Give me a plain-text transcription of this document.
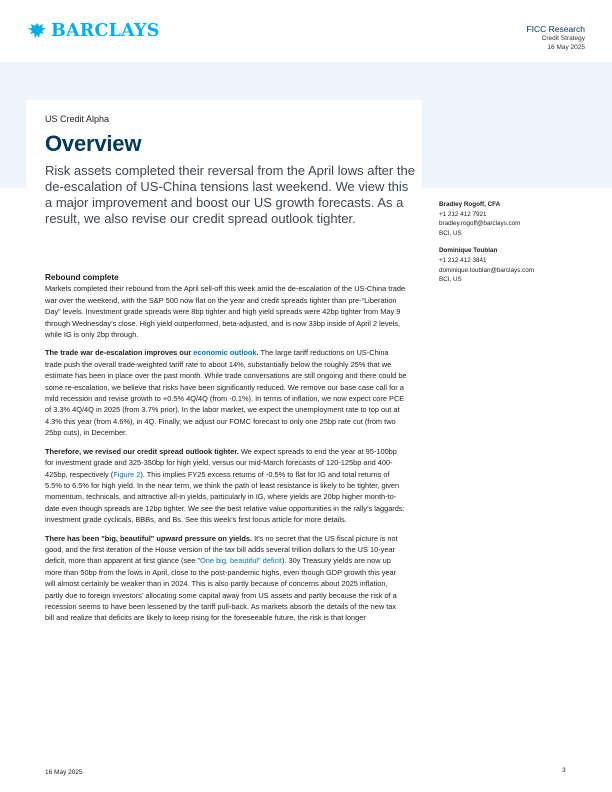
BARCLAYS	FICC Research
Credit Strategy
16 May 2025
US Credit Alpha
Overview
Risk assets completed their reversal from the April lows after the de-escalation of US-China tensions last weekend. We view this a major improvement and boost our US growth forecasts. As a result, we also revise our credit spread outlook tighter.
Rebound complete

Markets completed their rebound from the April sell-off this week amid the de-escalation of the US-China trade war over the weekend, with the S&P 500 now flat on the year and credit spreads tighter than pre-“Liberation Day” levels. Investment grade spreads were 8bp tighter and high yield spreads were 42bp tighter from May 9 through Wednesday’s close. High yield outperformed, beta-adjusted, and is now 33bp inside of April 2 levels, while IG is only 2bp through.

The trade war de-escalation improves our economic outlook. The large tariff reductions on US-China trade push the overall trade-weighted tariff rate to about 14%, substantially below the roughly 25% that we estimate has been in place over the past month. While trade conversations are still ongoing and there could be some re-escalation, we believe that risks have been significantly reduced. We remove our base case call for a mild recession and revise growth to +0.5% 4Q/4Q (from -0.1%). In terms of inflation, we now expect core PCE of 3.3% 4Q/4Q in 2025 (from 3.7% prior). In the labor market, we expect the unemployment rate to top out at 4.3% this year (from 4.6%), in 4Q. Finally, we adjust our FOMC forecast to only one 25bp rate cut (from two 25bp cuts), in December.

Therefore, we revised our credit spread outlook tighter. We expect spreads to end the year at 95-100bp for investment grade and 325-350bp for high yield, versus our mid-March forecasts of 120-125bp and 400-425bp, respectively (Figure 2). This implies FY25 excess returns of -0.5% to flat for IG and total returns of 5.5% to 6.5% for high yield. In the near term, we think the path of least resistance is likely to be tighter, given momentum, technicals, and attractive all-in yields, particularly in IG, where yields are 20bp higher month-to-date even though spreads are 12bp tighter. We see the best relative value opportunities in the rally’s laggards: investment grade cyclicals, BBBs, and Bs. See this week’s first focus article for more details.

There has been "big, beautiful" upward pressure on yields. It’s no secret that the US fiscal picture is not good, and the first iteration of the House version of the tax bill adds several trillion dollars to the US 10-year deficit, more than apparent at first glance (see "One big, beautiful" deficit). 30y Treasury yields are now up more than 50bp from the lows in April, close to the post-pandemic highs, even though GDP growth this year will almost certainly be weaker than in 2024. This is also partly because of concerns about 2025 inflation, partly due to foreign investors’ allocating some capital away from US assets and partly because the risk of a recession seems to have been lessened by the tariff pull-back. As markets absorb the details of the new tax bill and realize that deficits are likely to keep rising for the foreseeable future, the risk is that longer

Bradley Rogoff, CFA
+1 212 412 7921
bradley.rogoff@barclays.com
BCI, US
Dominique Toublan
+1 212 412 3841
dominique.toublan@barclays.com
BCI, US
16 May 2025	3
